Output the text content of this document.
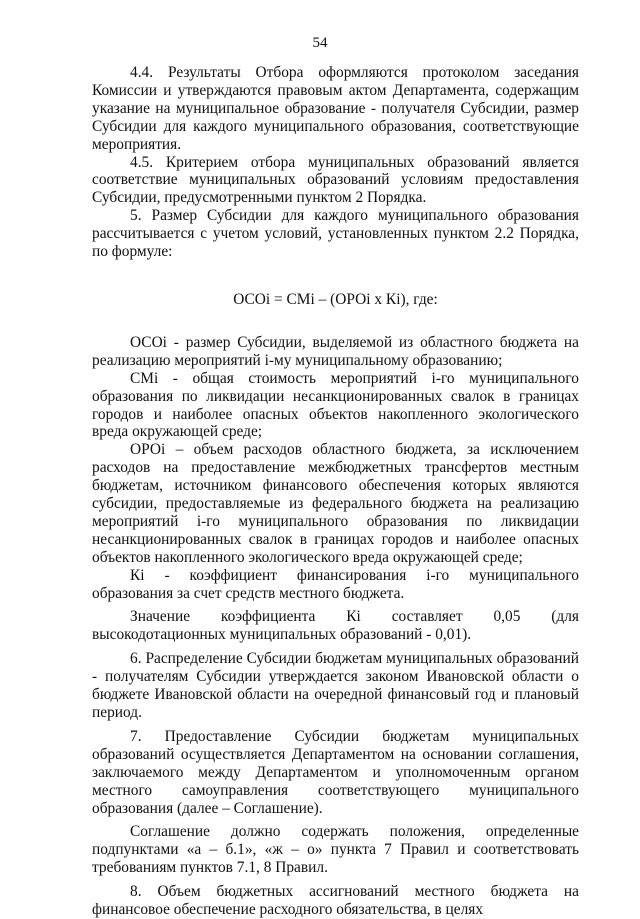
54

4.4. Результаты Отбора оформляются протоколом заседания Комиссии и утверждаются правовым актом Департамента, содержащим указание на муниципальное образование - получателя Субсидии, размер Субсидии для каждого муниципального образования, соответствующие мероприятия.

4.5. Критерием отбора муниципальных образований является соответствие муниципальных образований условиям предоставления Субсидии, предусмотренными пунктом 2 Порядка.

5. Размер Субсидии для каждого муниципального образования рассчитывается с учетом условий, установленных пунктом 2.2 Порядка, по формуле:

ОСОi = СМi – (ОРОi x Кi), где:

ОСОi - размер Субсидии, выделяемой из областного бюджета на реализацию мероприятий i-му муниципальному образованию;

СМi - общая стоимость мероприятий i-го муниципального образования по ликвидации несанкционированных свалок в границах городов и наиболее опасных объектов накопленного экологического вреда окружающей среде;

ОРОi – объем расходов областного бюджета, за исключением расходов на предоставление межбюджетных трансфертов местным бюджетам, источником финансового обеспечения которых являются субсидии, предоставляемые из федерального бюджета на реализацию мероприятий i-го муниципального образования по ликвидации несанкционированных свалок в границах городов и наиболее опасных объектов накопленного экологического вреда окружающей среде;

Кi - коэффициент финансирования i-го муниципального образования за счет средств местного бюджета.

Значение коэффициента Кi составляет 0,05 (для высокодотационных муниципальных образований - 0,01).

6. Распределение Субсидии бюджетам муниципальных образований - получателям Субсидии утверждается законом Ивановской области о бюджете Ивановской области на очередной финансовый год и плановый период.

7. Предоставление Субсидии бюджетам муниципальных образований осуществляется Департаментом на основании соглашения, заключаемого между Департаментом и уполномоченным органом местного самоуправления соответствующего муниципального образования (далее – Соглашение).

Соглашение должно содержать положения, определенные подпунктами «а – б.1», «ж – о» пункта 7 Правил и соответствовать требованиям пунктов 7.1, 8 Правил.

8. Объем бюджетных ассигнований местного бюджета на финансовое обеспечение расходного обязательства, в целях
